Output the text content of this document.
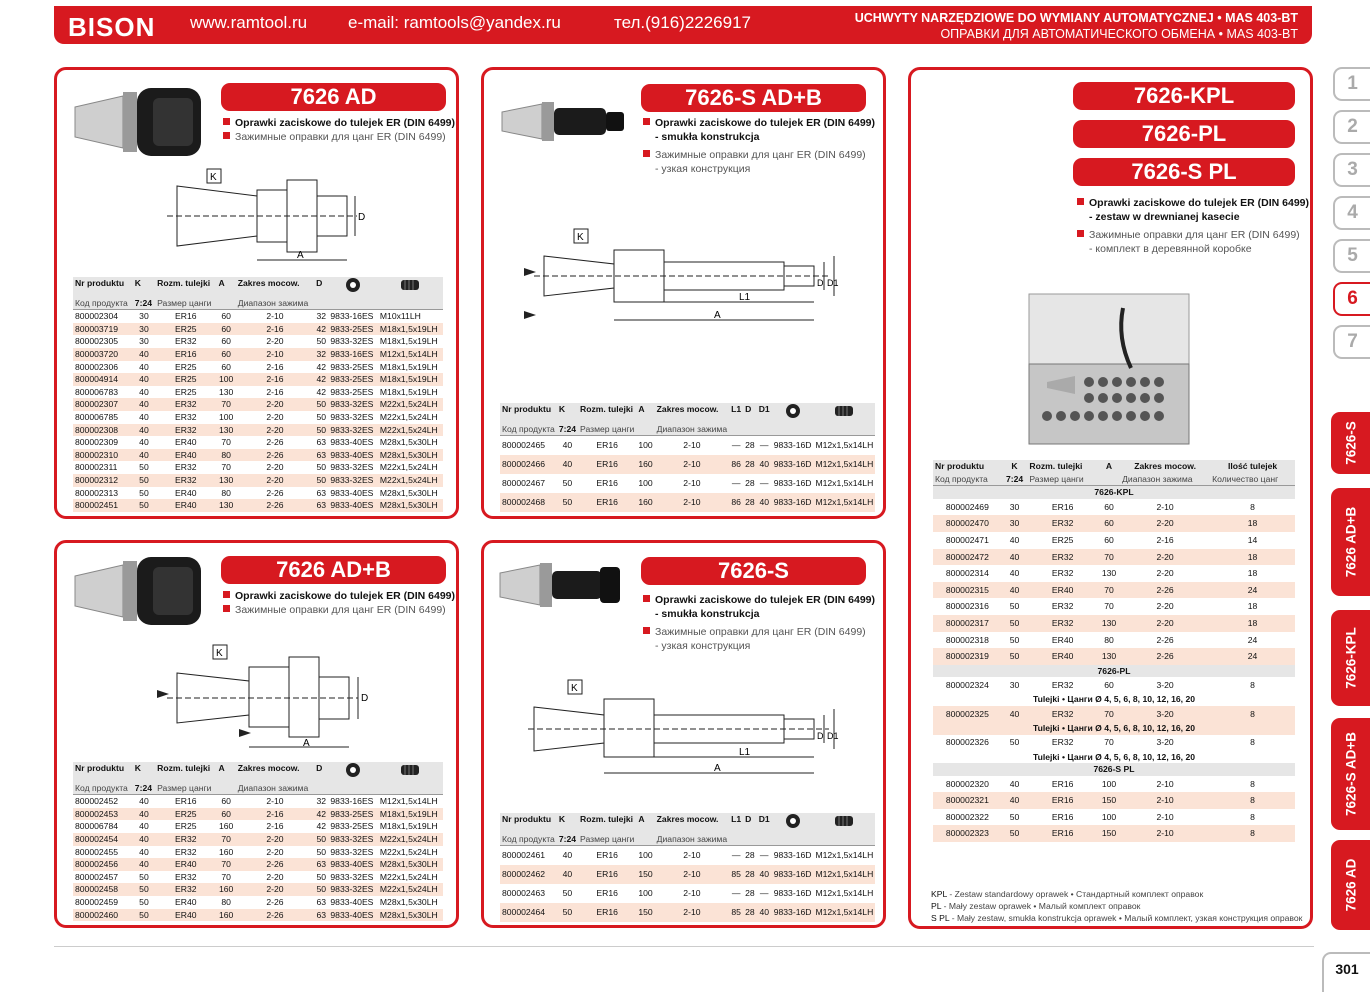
BISON www.ramtool.ru e-mail: ramtools@yandex.ru	тел.(916)2226917	UCHWYTY NARZĘDZIOWE DO WYMIANY AUTOMATYCZNEJ • MAS 403-BT
ОПРАВКИ ДЛЯ АВТОМАТИЧЕСКОГО ОБМЕНА • MAS 403-BT
7626 AD
Oprawki zaciskowe do tulejek ER (DIN 6499)
Зажимные оправки для цанг ER (DIN 6499)
K
A
D
Nr produktu	K	Rozm. tulejki	A	Zakres mocow.	D		
Код продукта	7:24	Размер цанги		Диапазон зажима			
800002304	30	ER16	60	2-10	32	9833-16ES	M10x11LH
800003719	30	ER25	60	2-16	42	9833-25ES	M18x1,5x19LH
800002305	30	ER32	60	2-20	50	9833-32ES	M18x1,5x19LH
800003720	40	ER16	60	2-10	32	9833-16ES	M12x1,5x14LH
800002306	40	ER25	60	2-16	42	9833-25ES	M18x1,5x19LH
800004914	40	ER25	100	2-16	42	9833-25ES	M18x1,5x19LH
800006783	40	ER25	130	2-16	42	9833-25ES	M18x1,5x19LH
800002307	40	ER32	70	2-20	50	9833-32ES	M22x1,5x24LH
800006785	40	ER32	100	2-20	50	9833-32ES	M22x1,5x24LH
800002308	40	ER32	130	2-20	50	9833-32ES	M22x1,5x24LH
800002309	40	ER40	70	2-26	63	9833-40ES	M28x1,5x30LH
800002310	40	ER40	80	2-26	63	9833-40ES	M28x1,5x30LH
800002311	50	ER32	70	2-20	50	9833-32ES	M22x1,5x24LH
800002312	50	ER32	130	2-20	50	9833-32ES	M22x1,5x24LH
800002313	50	ER40	80	2-26	63	9833-40ES	M28x1,5x30LH
800002451	50	ER40	130	2-26	63	9833-40ES	M28x1,5x30LH
7626-S AD+B
Oprawki zaciskowe do tulejek ER (DIN 6499)
- smukła konstrukcja
Зажимные оправки для цанг ER (DIN 6499)
- узкая конструкция
K
A
L1
D D1
Nr produktu	K	Rozm. tulejki	A	Zakres mocow.	L1	D	D1		
Код продукта	7:24	Размер цанги		Диапазон зажима					
800002465	40	ER16	100	2-10	—	28	—	9833-16D	M12x1,5x14LH
800002466	40	ER16	160	2-10	86	28	40	9833-16D	M12x1,5x14LH
800002467	50	ER16	100	2-10	—	28	—	9833-16D	M12x1,5x14LH
800002468	50	ER16	160	2-10	86	28	40	9833-16D	M12x1,5x14LH
7626 AD+B
Oprawki zaciskowe do tulejek ER (DIN 6499)
Зажимные оправки для цанг ER (DIN 6499)
K
A
D
Nr produktu	K	Rozm. tulejki	A	Zakres mocow.	D		
Код продукта	7:24	Размер цанги		Диапазон зажима			
800002452	40	ER16	60	2-10	32	9833-16ES	M12x1,5x14LH
800002453	40	ER25	60	2-16	42	9833-25ES	M18x1,5x19LH
800006784	40	ER25	160	2-16	42	9833-25ES	M18x1,5x19LH
800002454	40	ER32	70	2-20	50	9833-32ES	M22x1,5x24LH
800002455	40	ER32	160	2-20	50	9833-32ES	M22x1,5x24LH
800002456	40	ER40	70	2-26	63	9833-40ES	M28x1,5x30LH
800002457	50	ER32	70	2-20	50	9833-32ES	M22x1,5x24LH
800002458	50	ER32	160	2-20	50	9833-32ES	M22x1,5x24LH
800002459	50	ER40	80	2-26	63	9833-40ES	M28x1,5x30LH
800002460	50	ER40	160	2-26	63	9833-40ES	M28x1,5x30LH
7626-S
Oprawki zaciskowe do tulejek ER (DIN 6499)
- smukła konstrukcja
Зажимные оправки для цанг ER (DIN 6499)
- узкая конструкция
K
A
L1
D D1
Nr produktu	K	Rozm. tulejki	A	Zakres mocow.	L1	D	D1		
Код продукта	7:24	Размер цанги		Диапазон зажима					
800002461	40	ER16	100	2-10	—	28	—	9833-16D	M12x1,5x14LH
800002462	40	ER16	150	2-10	85	28	40	9833-16D	M12x1,5x14LH
800002463	50	ER16	100	2-10	—	28	—	9833-16D	M12x1,5x14LH
800002464	50	ER16	150	2-10	85	28	40	9833-16D	M12x1,5x14LH
7626-KPL
7626-PL
7626-S PL
Oprawki zaciskowe do tulejek ER (DIN 6499)
- zestaw w drewnianej kasecie
Зажимные оправки для цанг ER (DIN 6499)
- комплект в деревянной коробке
Nr produktu	K	Rozm. tulejki	A	Zakres mocow.	Ilość tulejek
Код продукта	7:24	Размер цанги		Диапазон зажима	Количество цанг
7626-KPL					
800002469	30	ER16	60	2-10	8
800002470	30	ER32	60	2-20	18
800002471	40	ER25	60	2-16	14
800002472	40	ER32	70	2-20	18
800002314	40	ER32	130	2-20	18
800002315	40	ER40	70	2-26	24
800002316	50	ER32	70	2-20	18
800002317	50	ER32	130	2-20	18
800002318	50	ER40	80	2-26	24
800002319	50	ER40	130	2-26	24
7626-PL					
800002324	30	ER32	60	3-20	8
Tulejki • Цанги Ø 4, 5, 6, 8, 10, 12, 16, 20					
800002325	40	ER32	70	3-20	8
Tulejki • Цанги Ø 4, 5, 6, 8, 10, 12, 16, 20					
800002326	50	ER32	70	3-20	8
Tulejki • Цанги Ø 4, 5, 6, 8, 10, 12, 16, 20					
7626-S PL					
800002320	40	ER16	100	2-10	8
800002321	40	ER16	150	2-10	8
800002322	50	ER16	100	2-10	8
800002323	50	ER16	150	2-10	8
KPL - Zestaw standardowy oprawek • Стандартный комплект оправок
PL - Mały zestaw oprawek • Малый комплект оправок
S PL - Mały zestaw, smukła konstrukcja oprawek • Малый комплект, узкая конструкция оправок
1
2
3
4
5
6
7
7626-S
7626 AD+B
7626-KPL
7626-S AD+B
7626 AD
301
